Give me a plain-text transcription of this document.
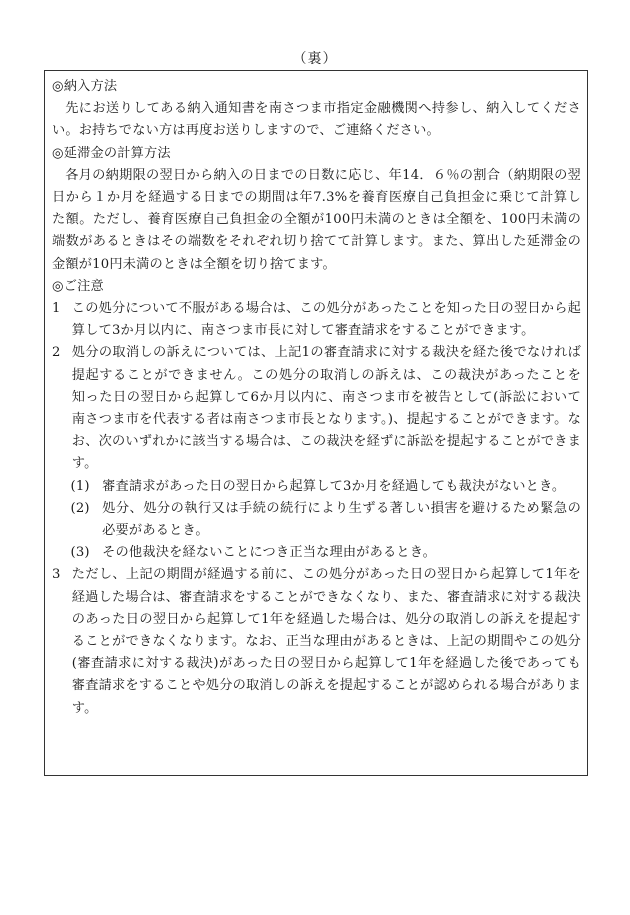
（裏）

◎納入方法

先にお送りしてある納入通知書を南さつま市指定金融機関へ持参し、納入してください。お持ちでない方は再度お送りしますので、ご連絡ください。

◎延滞金の計算方法

各月の納期限の翌日から納入の日までの日数に応じ、年14．６％の割合（納期限の翌日から１か月を経過する日までの期間は年7.3%を養育医療自己負担金に乗じて計算した額。ただし、養育医療自己負担金の全額が100円未満のときは全額を、100円未満の端数があるときはその端数をそれぞれ切り捨てて計算します。また、算出した延滞金の金額が10円未満のときは全額を切り捨てます。

◎ご注意

1 この処分について不服がある場合は、この処分があったことを知った日の翌日から起算して3か月以内に、南さつま市長に対して審査請求をすることができます。
2 処分の取消しの訴えについては、上記1の審査請求に対する裁決を経た後でなければ提起することができません。この処分の取消しの訴えは、この裁決があったことを知った日の翌日から起算して6か月以内に、南さつま市を被告として(訴訟において南さつま市を代表する者は南さつま市長となります。)、提起することができます。なお、次のいずれかに該当する場合は、この裁決を経ずに訴訟を提起することができます。
(1) 審査請求があった日の翌日から起算して3か月を経過しても裁決がないとき。
(2) 処分、処分の執行又は手続の続行により生ずる著しい損害を避けるため緊急の必要があるとき。
(3) その他裁決を経ないことにつき正当な理由があるとき。
3 ただし、上記の期間が経過する前に、この処分があった日の翌日から起算して1年を経過した場合は、審査請求をすることができなくなり、また、審査請求に対する裁決のあった日の翌日から起算して1年を経過した場合は、処分の取消しの訴えを提起することができなくなります。なお、正当な理由があるときは、上記の期間やこの処分(審査請求に対する裁決)があった日の翌日から起算して1年を経過した後であっても審査請求をすることや処分の取消しの訴えを提起することが認められる場合があります。
